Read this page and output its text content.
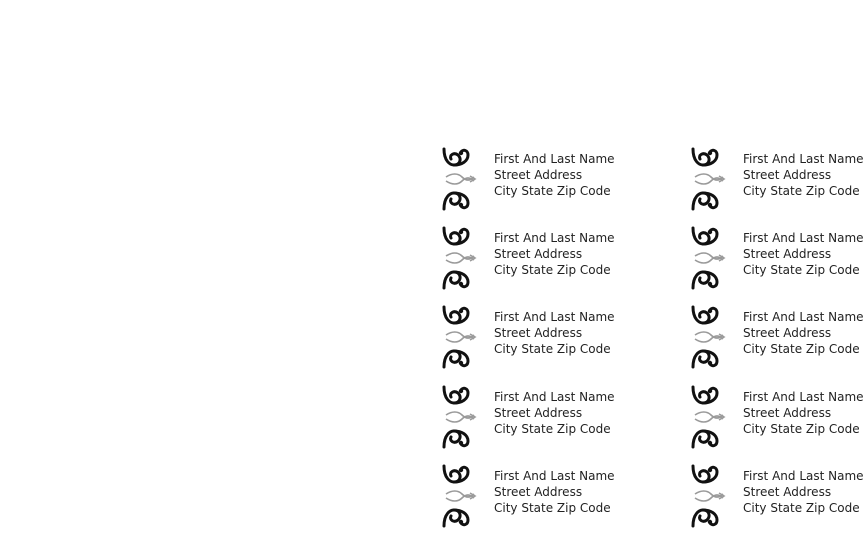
First And Last Name
Street Address
City State Zip Code
First And Last Name
Street Address
City State Zip Code
First And Last Name
Street Address
City State Zip Code
First And Last Name
Street Address
City State Zip Code
First And Last Name
Street Address
City State Zip Code
First And Last Name
Street Address
City State Zip Code
First And Last Name
Street Address
City State Zip Code
First And Last Name
Street Address
City State Zip Code
First And Last Name
Street Address
City State Zip Code
First And Last Name
Street Address
City State Zip Code
